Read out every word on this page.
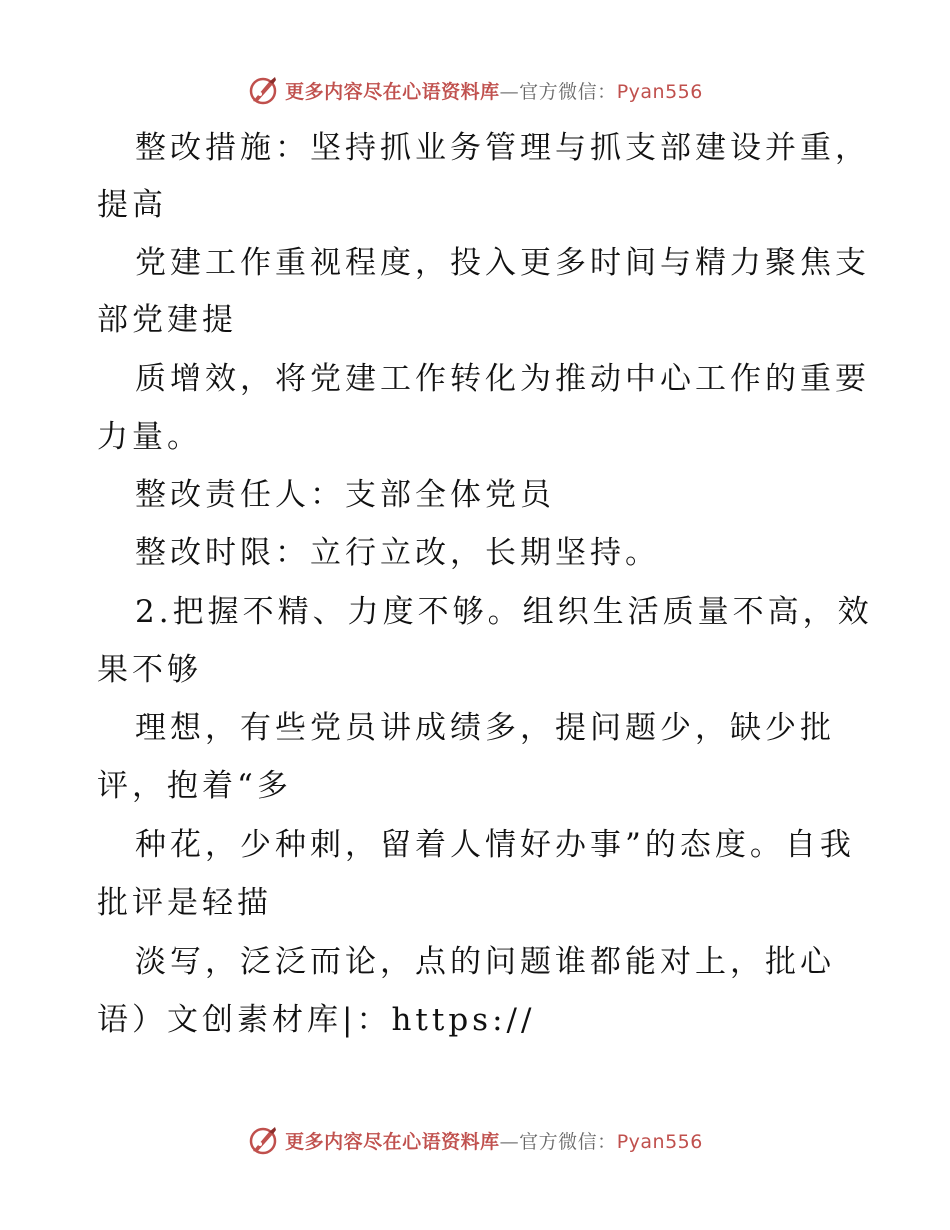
更多内容尽在心语资料库—官方微信：Pyan556
整改措施：坚持抓业务管理与抓支部建设并重，
提高
党建工作重视程度，投入更多时间与精力聚焦支
部党建提
质增效，将党建工作转化为推动中心工作的重要
力量。
整改责任人：支部全体党员
整改时限：立行立改，长期坚持。
2.把握不精、力度不够。组织生活质量不高，效
果不够
理想，有些党员讲成绩多，提问题少，缺少批
评，抱着“多
种花，少种刺，留着人情好办事”的态度。自我
批评是轻描
淡写，泛泛而论，点的问题谁都能对上，批心
语）文创素材库|：https://
更多内容尽在心语资料库—官方微信：Pyan556
